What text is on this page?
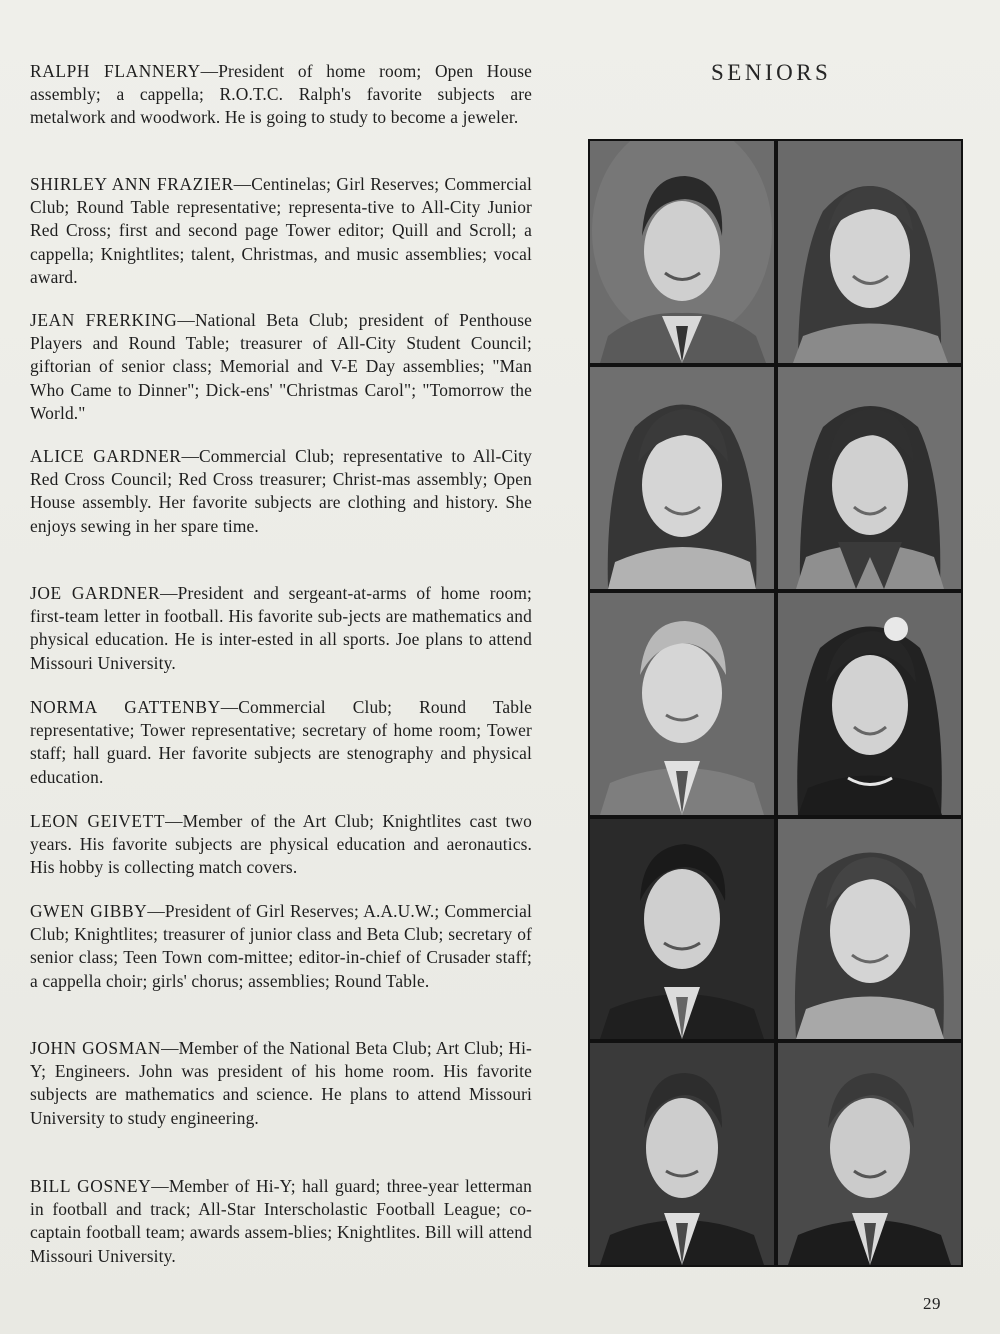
RALPH FLANNERY—President of home room; Open House assembly; a cappella; R.O.T.C. Ralph's favorite subjects are metalwork and woodwork. He is going to study to become a jeweler.

SHIRLEY ANN FRAZIER—Centinelas; Girl Reserves; Commercial Club; Round Table representative; representa-tive to All-City Junior Red Cross; first and second page Tower editor; Quill and Scroll; a cappella; Knightlites; talent, Christmas, and music assemblies; vocal award.

JEAN FRERKING—National Beta Club; president of Penthouse Players and Round Table; treasurer of All-City Student Council; giftorian of senior class; Memorial and V-E Day assemblies; "Man Who Came to Dinner"; Dick-ens' "Christmas Carol"; "Tomorrow the World."

ALICE GARDNER—Commercial Club; representative to All-City Red Cross Council; Red Cross treasurer; Christ-mas assembly; Open House assembly. Her favorite subjects are clothing and history. She enjoys sewing in her spare time.

JOE GARDNER—President and sergeant-at-arms of home room; first-team letter in football. His favorite sub-jects are mathematics and physical education. He is inter-ested in all sports. Joe plans to attend Missouri University.

NORMA GATTENBY—Commercial Club; Round Table representative; Tower representative; secretary of home room; Tower staff; hall guard. Her favorite subjects are stenography and physical education.

LEON GEIVETT—Member of the Art Club; Knightlites cast two years. His favorite subjects are physical education and aeronautics. His hobby is collecting match covers.

GWEN GIBBY—President of Girl Reserves; A.A.U.W.; Commercial Club; Knightlites; treasurer of junior class and Beta Club; secretary of senior class; Teen Town com-mittee; editor-in-chief of Crusader staff; a cappella choir; girls' chorus; assemblies; Round Table.

JOHN GOSMAN—Member of the National Beta Club; Art Club; Hi-Y; Engineers. John was president of his home room. His favorite subjects are mathematics and science. He plans to attend Missouri University to study engineering.

BILL GOSNEY—Member of Hi-Y; hall guard; three-year letterman in football and track; All-Star Interscholastic Football League; co-captain football team; awards assem-blies; Knightlites. Bill will attend Missouri University.

SENIORS
29
